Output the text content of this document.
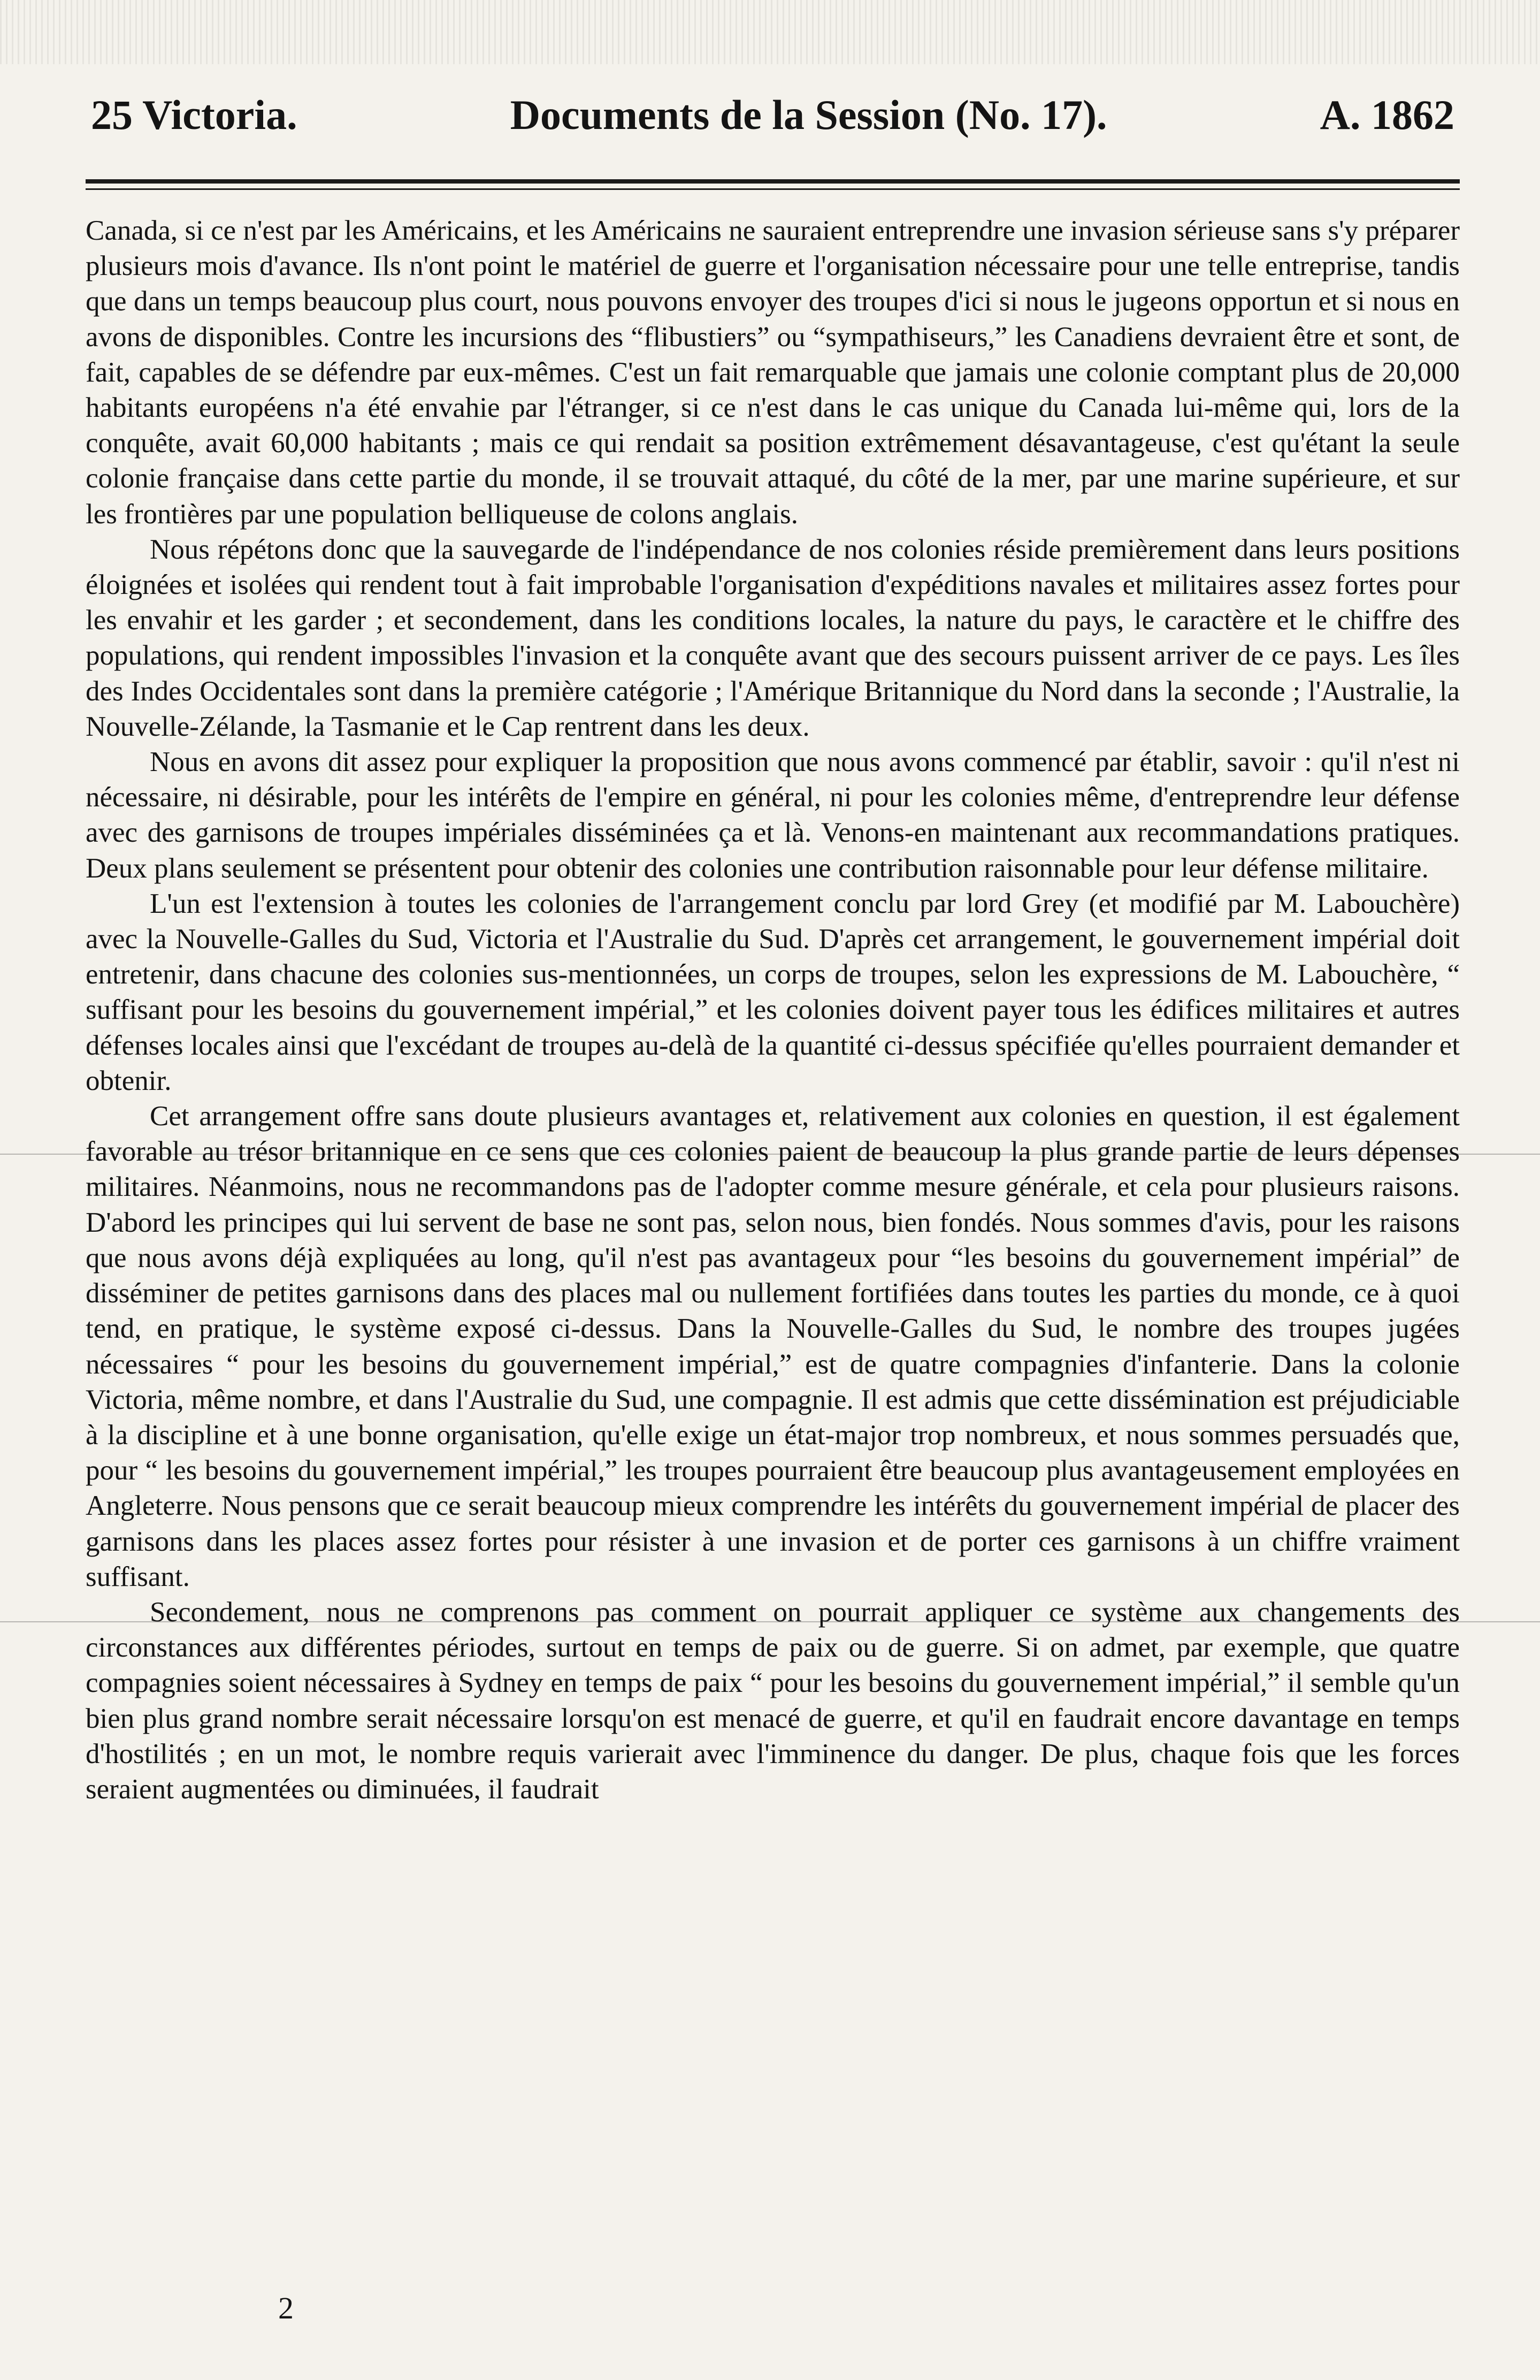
25 Victoria.	Documents de la Session (No. 17).	A. 1862

Canada, si ce n'est par les Américains, et les Américains ne sauraient entreprendre une invasion sérieuse sans s'y préparer plusieurs mois d'avance. Ils n'ont point le matériel de guerre et l'organisation nécessaire pour une telle entreprise, tandis que dans un temps beaucoup plus court, nous pouvons envoyer des troupes d'ici si nous le jugeons opportun et si nous en avons de disponibles. Contre les incursions des “flibustiers” ou “sympathiseurs,” les Canadiens devraient être et sont, de fait, capables de se défendre par eux-mêmes. C'est un fait remarquable que jamais une colonie comptant plus de 20,000 habitants européens n'a été envahie par l'étranger, si ce n'est dans le cas unique du Canada lui-même qui, lors de la conquête, avait 60,000 habitants ; mais ce qui rendait sa position extrêmement désavantageuse, c'est qu'étant la seule colonie française dans cette partie du monde, il se trouvait attaqué, du côté de la mer, par une marine supérieure, et sur les frontières par une population belliqueuse de colons anglais.

Nous répétons donc que la sauvegarde de l'indépendance de nos colonies réside premièrement dans leurs positions éloignées et isolées qui rendent tout à fait improbable l'organisation d'expéditions navales et militaires assez fortes pour les envahir et les garder ; et secondement, dans les conditions locales, la nature du pays, le caractère et le chiffre des populations, qui rendent impossibles l'invasion et la conquête avant que des secours puissent arriver de ce pays. Les îles des Indes Occidentales sont dans la première catégorie ; l'Amérique Britannique du Nord dans la seconde ; l'Australie, la Nouvelle-Zélande, la Tasmanie et le Cap rentrent dans les deux.

Nous en avons dit assez pour expliquer la proposition que nous avons commencé par établir, savoir : qu'il n'est ni nécessaire, ni désirable, pour les intérêts de l'empire en général, ni pour les colonies même, d'entreprendre leur défense avec des garnisons de troupes impériales disséminées ça et là. Venons-en maintenant aux recommandations pratiques. Deux plans seulement se présentent pour obtenir des colonies une contribution raisonnable pour leur défense militaire.

L'un est l'extension à toutes les colonies de l'arrangement conclu par lord Grey (et modifié par M. Labouchère) avec la Nouvelle-Galles du Sud, Victoria et l'Australie du Sud. D'après cet arrangement, le gouvernement impérial doit entretenir, dans chacune des colonies sus-mentionnées, un corps de troupes, selon les expressions de M. Labouchère, “ suffisant pour les besoins du gouvernement impérial,” et les colonies doivent payer tous les édifices militaires et autres défenses locales ainsi que l'excédant de troupes au-delà de la quantité ci-dessus spécifiée qu'elles pourraient demander et obtenir.

Cet arrangement offre sans doute plusieurs avantages et, relativement aux colonies en question, il est également favorable au trésor britannique en ce sens que ces colonies paient de beaucoup la plus grande partie de leurs dépenses militaires. Néanmoins, nous ne recommandons pas de l'adopter comme mesure générale, et cela pour plusieurs raisons. D'abord les principes qui lui servent de base ne sont pas, selon nous, bien fondés. Nous sommes d'avis, pour les raisons que nous avons déjà expliquées au long, qu'il n'est pas avantageux pour “les besoins du gouvernement impérial” de disséminer de petites garnisons dans des places mal ou nullement fortifiées dans toutes les parties du monde, ce à quoi tend, en pratique, le système exposé ci-dessus. Dans la Nouvelle-Galles du Sud, le nombre des troupes jugées nécessaires “ pour les besoins du gouvernement impérial,” est de quatre compagnies d'infanterie. Dans la colonie Victoria, même nombre, et dans l'Australie du Sud, une compagnie. Il est admis que cette dissémination est préjudiciable à la discipline et à une bonne organisation, qu'elle exige un état-major trop nombreux, et nous sommes persuadés que, pour “ les besoins du gouvernement impérial,” les troupes pourraient être beaucoup plus avantageusement employées en Angleterre. Nous pensons que ce serait beaucoup mieux comprendre les intérêts du gouvernement impérial de placer des garnisons dans les places assez fortes pour résister à une invasion et de porter ces garnisons à un chiffre vraiment suffisant.

Secondement, nous ne comprenons pas comment on pourrait appliquer ce système aux changements des circonstances aux différentes périodes, surtout en temps de paix ou de guerre. Si on admet, par exemple, que quatre compagnies soient nécessaires à Sydney en temps de paix “ pour les besoins du gouvernement impérial,” il semble qu'un bien plus grand nombre serait nécessaire lorsqu'on est menacé de guerre, et qu'il en faudrait encore davantage en temps d'hostilités ; en un mot, le nombre requis varierait avec l'imminence du danger. De plus, chaque fois que les forces seraient augmentées ou diminuées, il faudrait

2
